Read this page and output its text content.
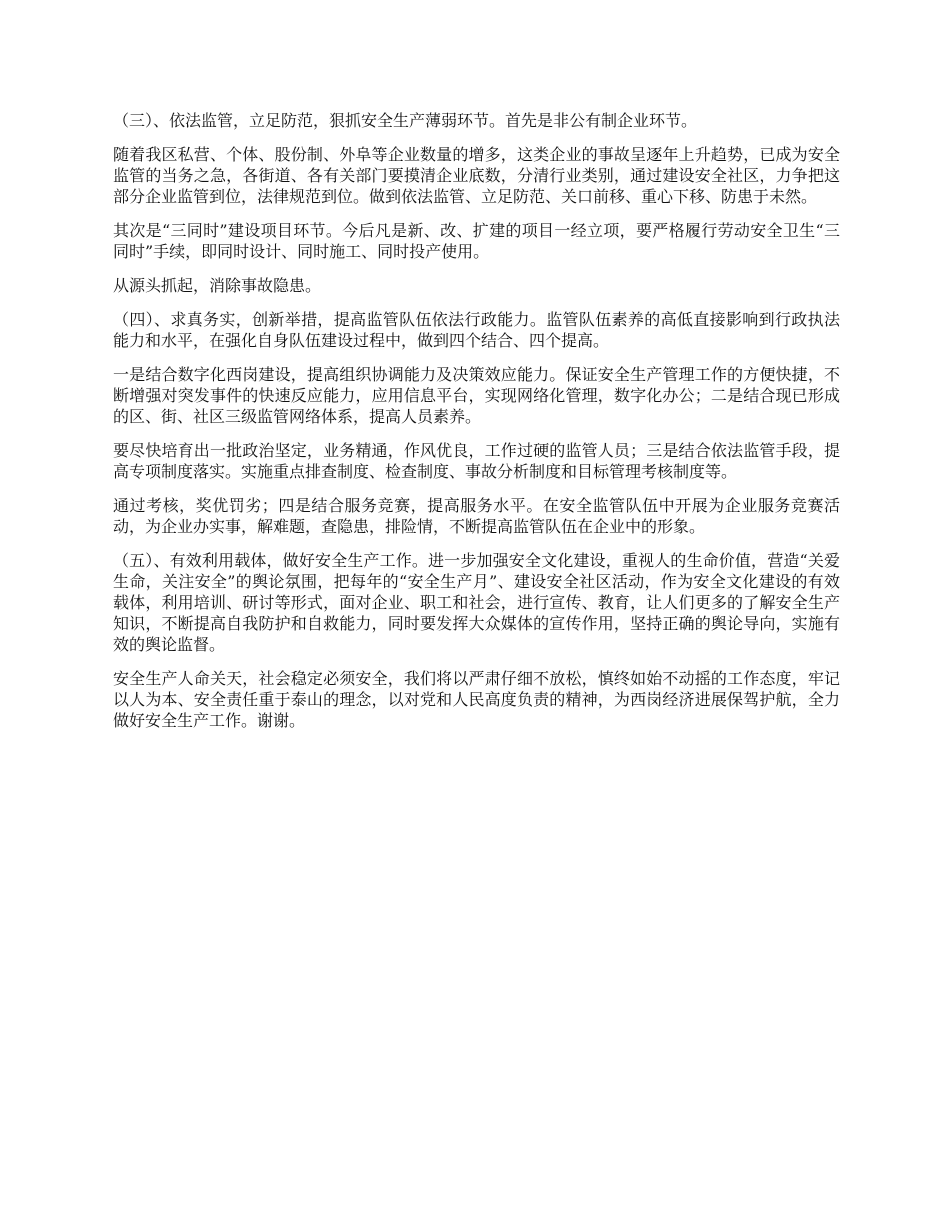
（三）、依法监管，立足防范，狠抓安全生产薄弱环节。首先是非公有制企业环节。

随着我区私营、个体、股份制、外阜等企业数量的增多，这类企业的事故呈逐年上升趋势，已成为安全监管的当务之急，各街道、各有关部门要摸清企业底数，分清行业类别，通过建设安全社区，力争把这部分企业监管到位，法律规范到位。做到依法监管、立足防范、关口前移、重心下移、防患于未然。

其次是“三同时”建设项目环节。今后凡是新、改、扩建的项目一经立项，要严格履行劳动安全卫生“三同时”手续，即同时设计、同时施工、同时投产使用。

从源头抓起，消除事故隐患。

（四）、求真务实，创新举措，提高监管队伍依法行政能力。监管队伍素养的高低直接影响到行政执法能力和水平，在强化自身队伍建设过程中，做到四个结合、四个提高。

一是结合数字化西岗建设，提高组织协调能力及决策效应能力。保证安全生产管理工作的方便快捷，不断增强对突发事件的快速反应能力，应用信息平台，实现网络化管理，数字化办公；二是结合现已形成的区、街、社区三级监管网络体系，提高人员素养。

要尽快培育出一批政治坚定，业务精通，作风优良，工作过硬的监管人员；三是结合依法监管手段，提高专项制度落实。实施重点排查制度、检查制度、事故分析制度和目标管理考核制度等。

通过考核，奖优罚劣；四是结合服务竞赛，提高服务水平。在安全监管队伍中开展为企业服务竞赛活动，为企业办实事，解难题，查隐患，排险情，不断提高监管队伍在企业中的形象。

（五）、有效利用载体，做好安全生产工作。进一步加强安全文化建设，重视人的生命价值，营造“关爱生命，关注安全”的舆论氛围，把每年的“安全生产月”、建设安全社区活动，作为安全文化建设的有效载体，利用培训、研讨等形式，面对企业、职工和社会，进行宣传、教育，让人们更多的了解安全生产知识，不断提高自我防护和自救能力，同时要发挥大众媒体的宣传作用，坚持正确的舆论导向，实施有效的舆论监督。

安全生产人命关天，社会稳定必须安全，我们将以严肃仔细不放松，慎终如始不动摇的工作态度，牢记以人为本、安全责任重于泰山的理念，以对党和人民高度负责的精神，为西岗经济进展保驾护航，全力做好安全生产工作。谢谢。
